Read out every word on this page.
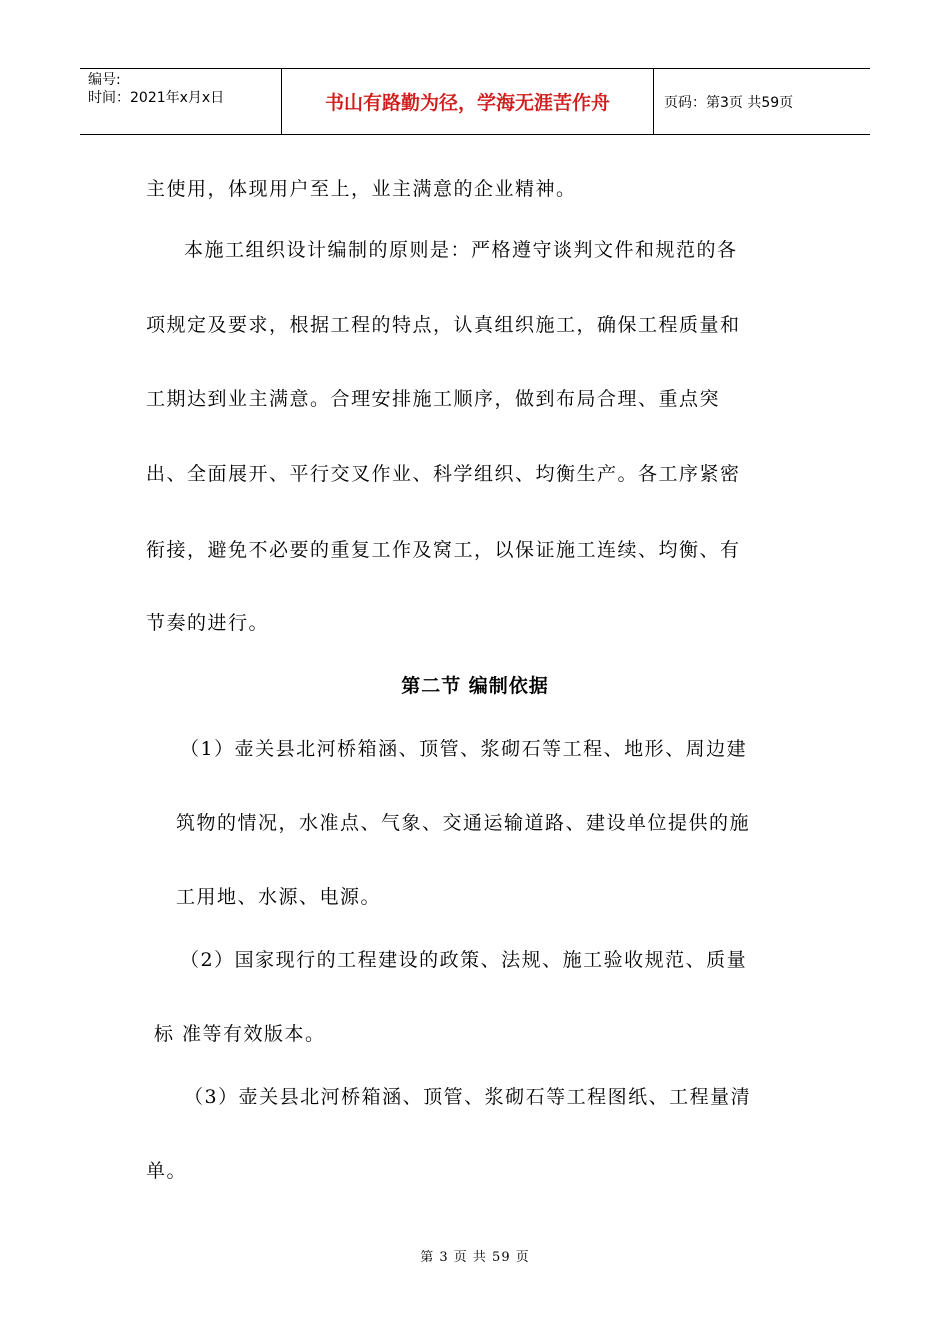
编号:
时间：2021年x月x日	书山有路勤为径，学海无涯苦作舟	页码：第3页 共59页
主使用，体现用户至上，业主满意的企业精神。
本施工组织设计编制的原则是：严格遵守谈判文件和规范的各
项规定及要求，根据工程的特点，认真组织施工，确保工程质量和
工期达到业主满意。合理安排施工顺序，做到布局合理、重点突
出、全面展开、平行交叉作业、科学组织、均衡生产。各工序紧密
衔接，避免不必要的重复工作及窝工，以保证施工连续、均衡、有
节奏的进行。
第二节 编制依据
（1）壶关县北河桥箱涵、顶管、浆砌石等工程、地形、周边建
筑物的情况，水准点、气象、交通运输道路、建设单位提供的施
工用地、水源、电源。
（2）国家现行的工程建设的政策、法规、施工验收规范、质量
标 准等有效版本。
（3）壶关县北河桥箱涵、顶管、浆砌石等工程图纸、工程量清
单。
第 3 页 共 59 页
